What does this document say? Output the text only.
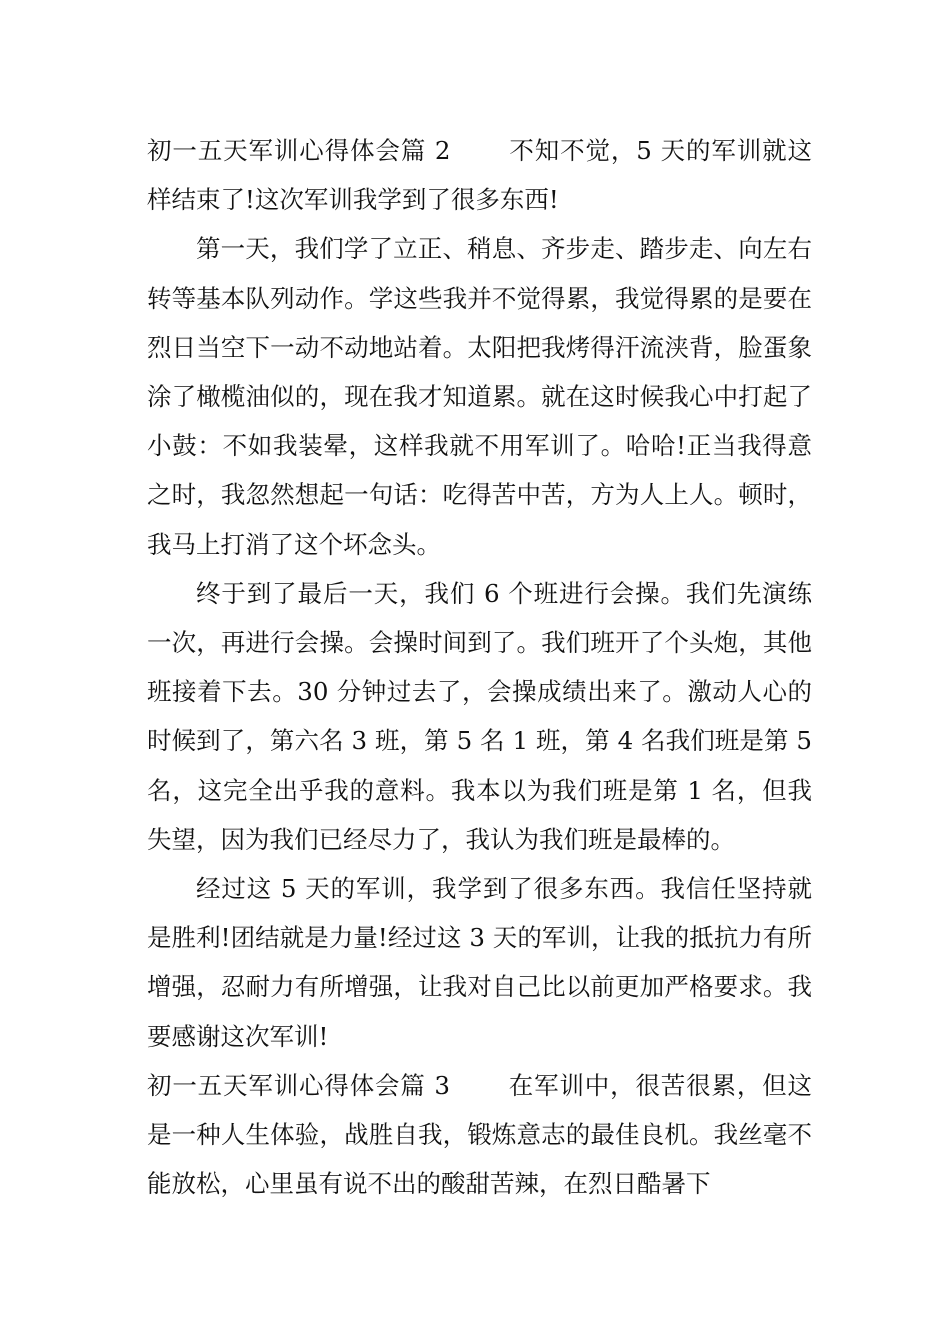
初一五天军训心得体会篇 2 不知不觉，5 天的军训就这样结束了!这次军训我学到了很多东西!

第一天，我们学了立正、稍息、齐步走、踏步走、向左右转等基本队列动作。学这些我并不觉得累，我觉得累的是要在烈日当空下一动不动地站着。太阳把我烤得汗流浃背，脸蛋象涂了橄榄油似的，现在我才知道累。就在这时候我心中打起了小鼓：不如我装晕，这样我就不用军训了。哈哈!正当我得意之时，我忽然想起一句话：吃得苦中苦，方为人上人。顿时，我马上打消了这个坏念头。

终于到了最后一天，我们 6 个班进行会操。我们先演练一次，再进行会操。会操时间到了。我们班开了个头炮，其他班接着下去。30 分钟过去了，会操成绩出来了。激动人心的时候到了，第六名 3 班，第 5 名 1 班，第 4 名我们班是第 5 名，这完全出乎我的意料。我本以为我们班是第 1 名，但我失望，因为我们已经尽力了，我认为我们班是最棒的。

经过这 5 天的军训，我学到了很多东西。我信任坚持就是胜利!团结就是力量!经过这 3 天的军训，让我的抵抗力有所增强，忍耐力有所增强，让我对自己比以前更加严格要求。我要感谢这次军训!

初一五天军训心得体会篇 3 在军训中，很苦很累，但这是一种人生体验，战胜自我，锻炼意志的最佳良机。我丝毫不能放松，心里虽有说不出的酸甜苦辣，在烈日酷暑下
